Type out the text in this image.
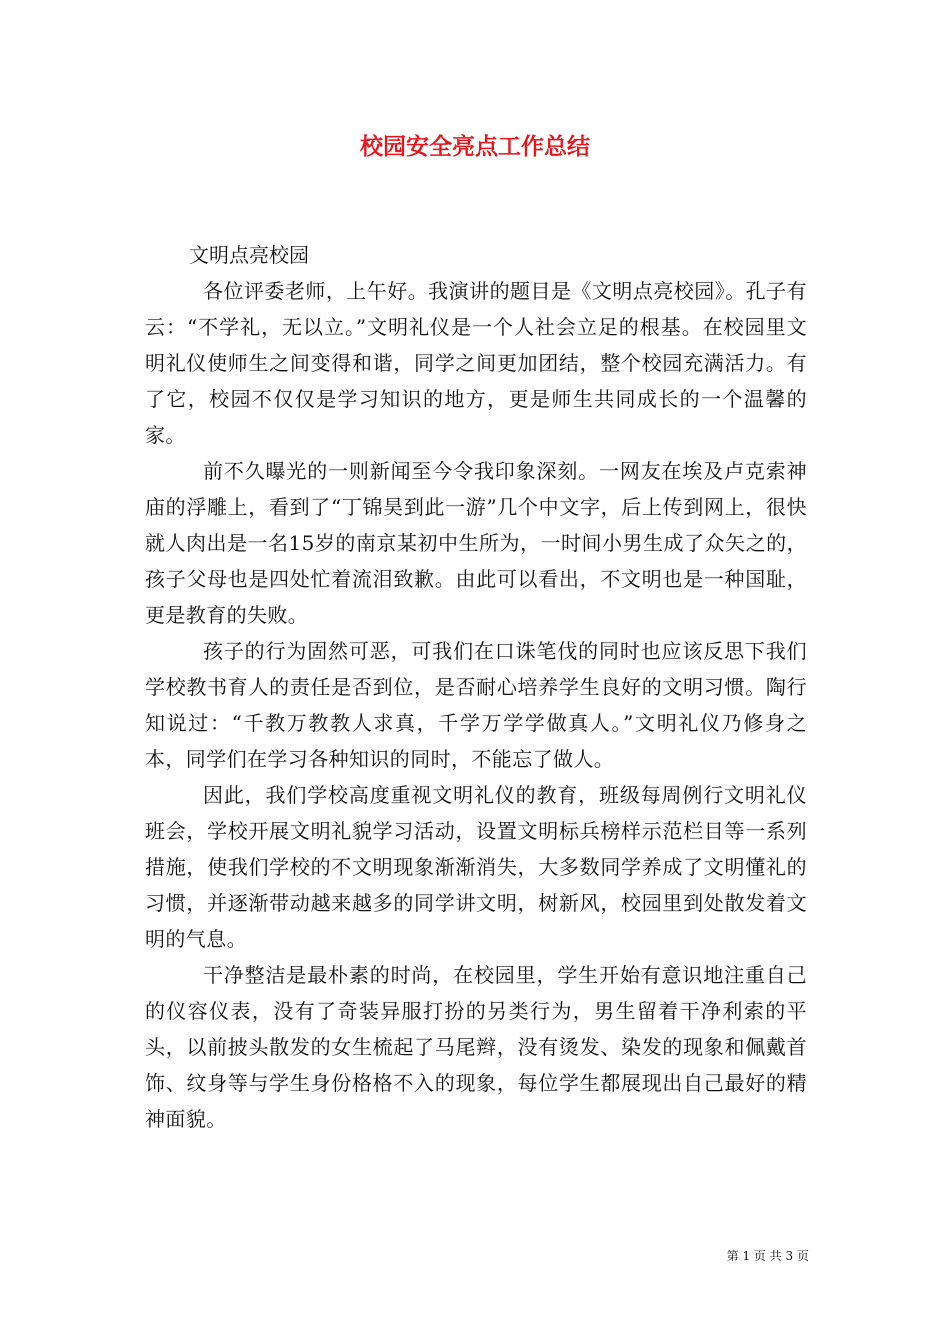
校园安全亮点工作总结

文明点亮校园

各位评委老师，上午好。我演讲的题目是《文明点亮校园》。孔子有云：“不学礼，无以立。”文明礼仪是一个人社会立足的根基。在校园里文明礼仪使师生之间变得和谐，同学之间更加团结，整个校园充满活力。有了它，校园不仅仅是学习知识的地方，更是师生共同成长的一个温馨的家。

前不久曝光的一则新闻至今令我印象深刻。一网友在埃及卢克索神庙的浮雕上，看到了“丁锦昊到此一游”几个中文字，后上传到网上，很快就人肉出是一名15岁的南京某初中生所为，一时间小男生成了众矢之的，孩子父母也是四处忙着流泪致歉。由此可以看出，不文明也是一种国耻，更是教育的失败。

孩子的行为固然可恶，可我们在口诛笔伐的同时也应该反思下我们学校教书育人的责任是否到位，是否耐心培养学生良好的文明习惯。陶行知说过：“千教万教教人求真，千学万学学做真人。”文明礼仪乃修身之本，同学们在学习各种知识的同时，不能忘了做人。

因此，我们学校高度重视文明礼仪的教育，班级每周例行文明礼仪班会，学校开展文明礼貌学习活动，设置文明标兵榜样示范栏目等一系列措施，使我们学校的不文明现象渐渐消失，大多数同学养成了文明懂礼的习惯，并逐渐带动越来越多的同学讲文明，树新风，校园里到处散发着文明的气息。

干净整洁是最朴素的时尚，在校园里，学生开始有意识地注重自己的仪容仪表，没有了奇装异服打扮的另类行为，男生留着干净利索的平头，以前披头散发的女生梳起了马尾辫，没有烫发、染发的现象和佩戴首饰、纹身等与学生身份格格不入的现象，每位学生都展现出自己最好的精神面貌。

第 1 页 共 3 页
